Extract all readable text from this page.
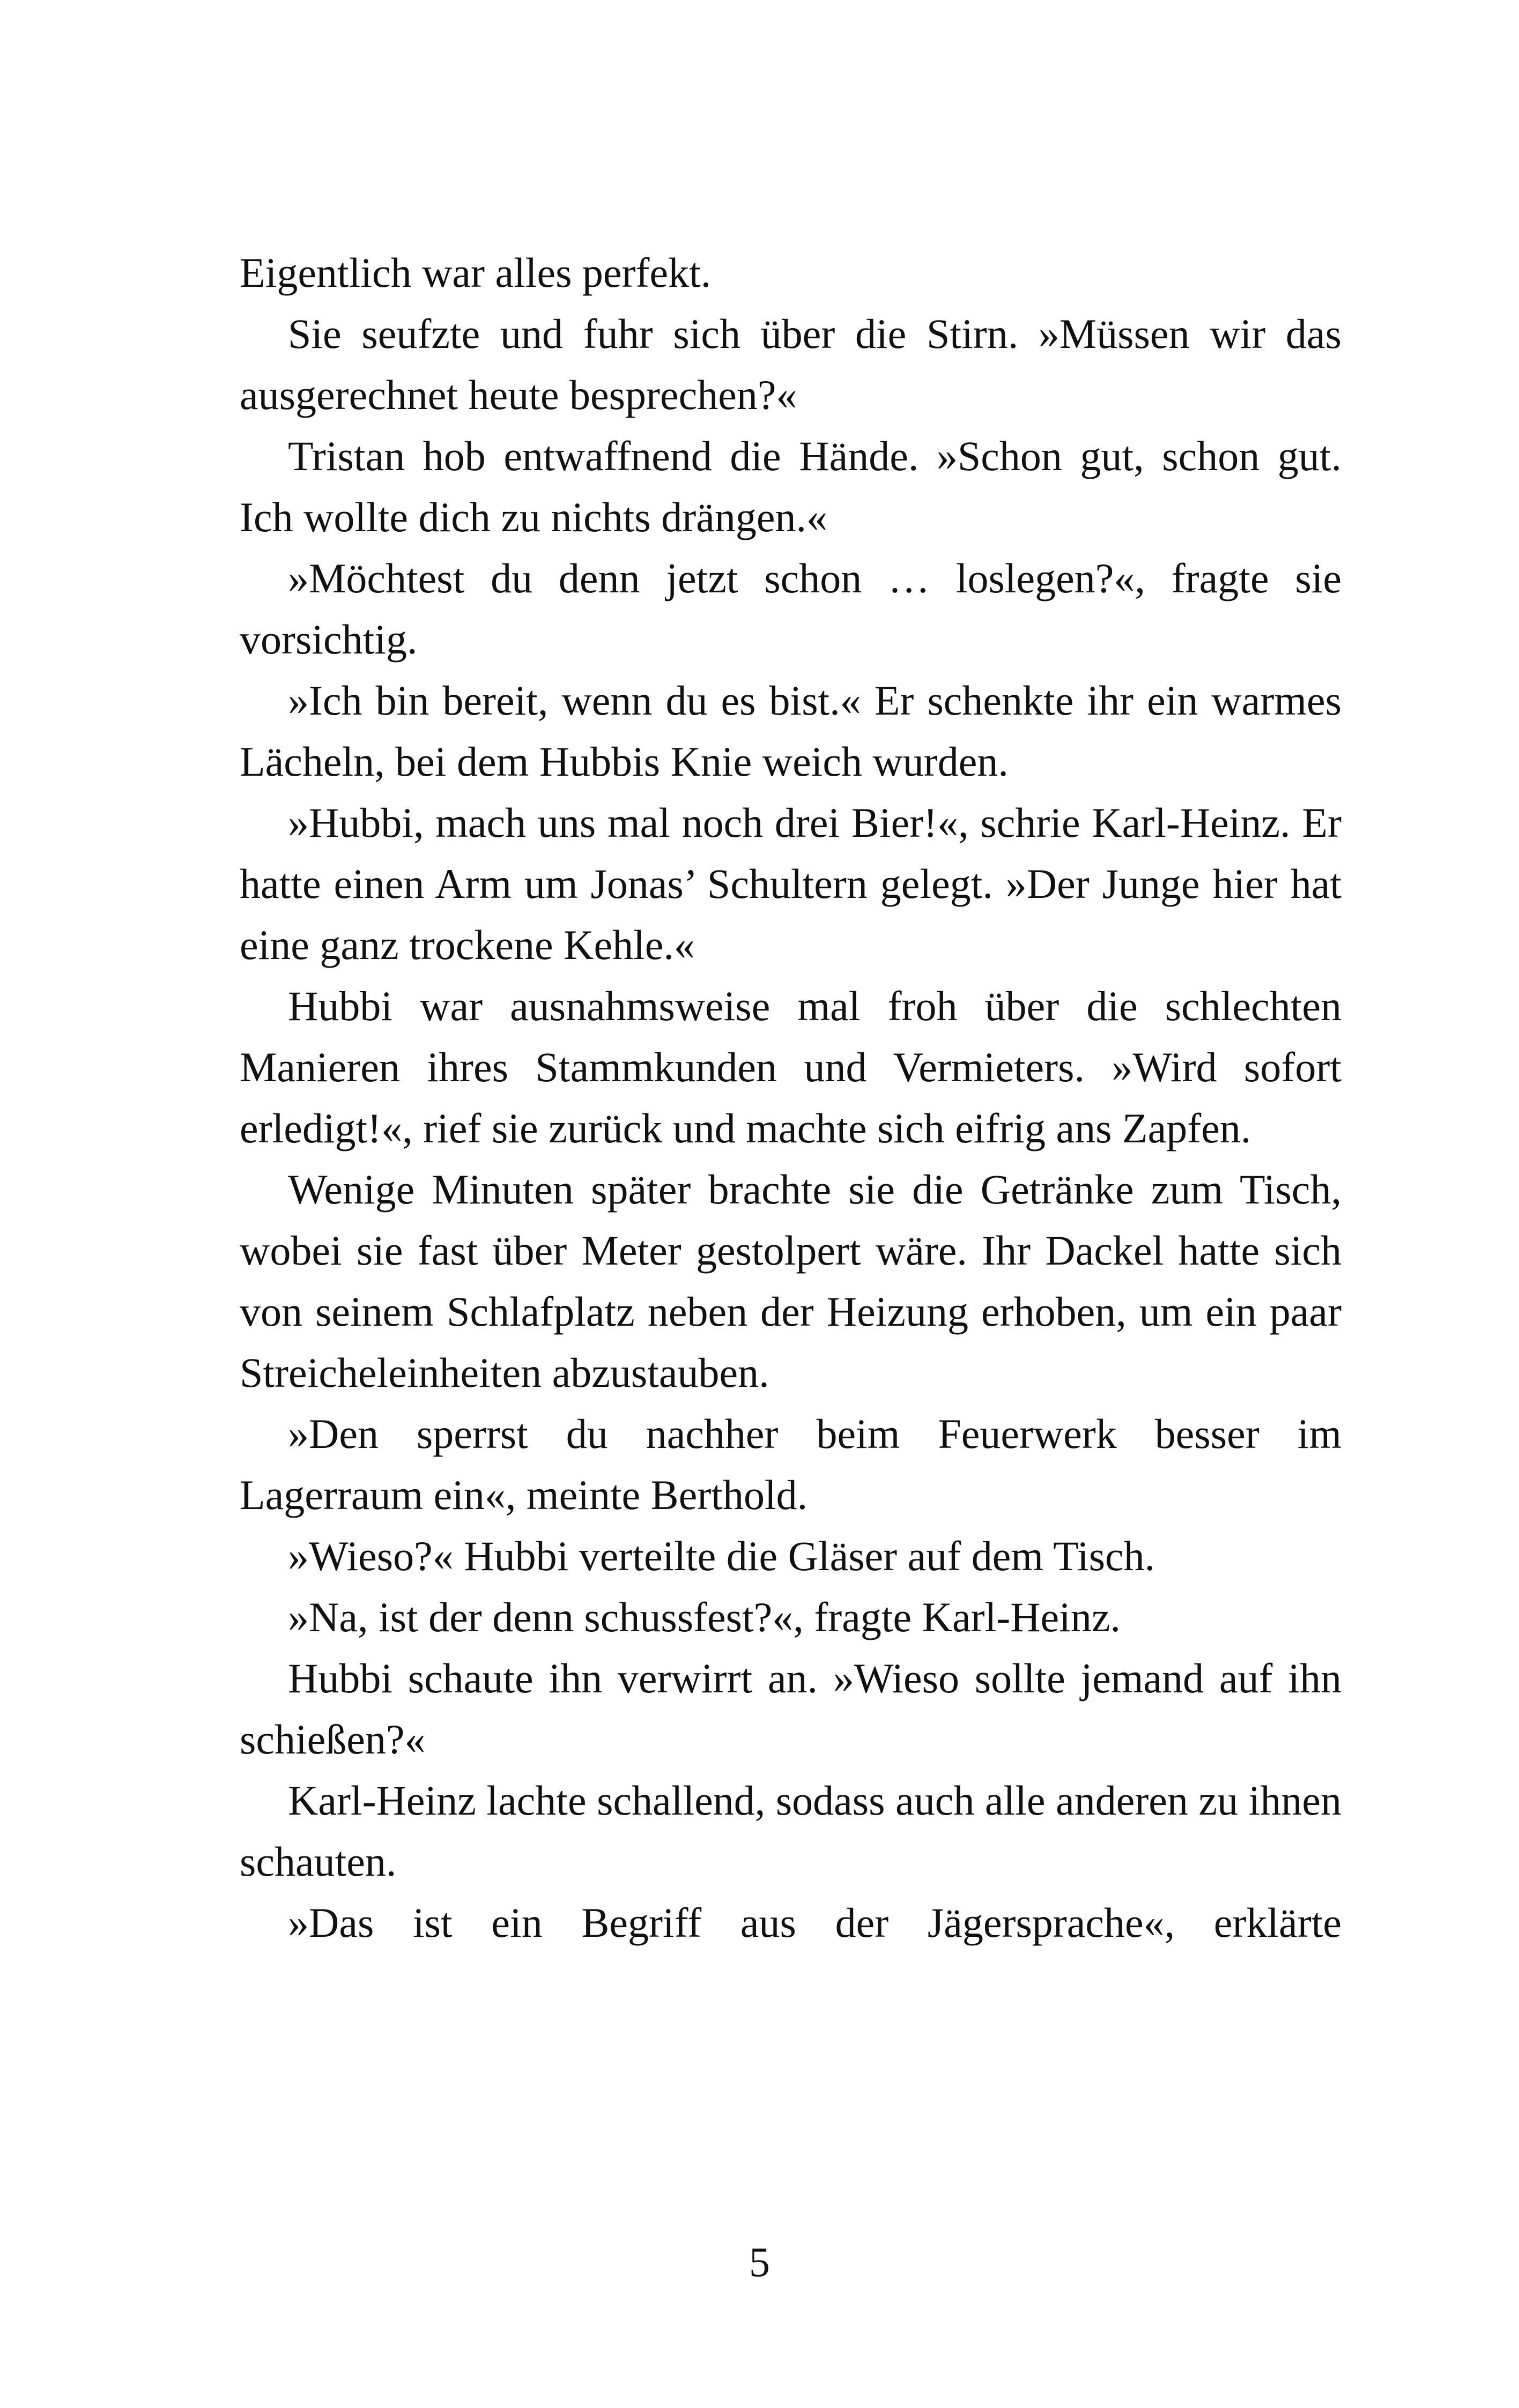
Eigentlich war alles perfekt.

Sie seufzte und fuhr sich über die Stirn. »Müssen wir das ausgerechnet heute besprechen?«

Tristan hob entwaffnend die Hände. »Schon gut, schon gut. Ich wollte dich zu nichts drängen.«

»Möchtest du denn jetzt schon … loslegen?«, fragte sie vorsichtig.

»Ich bin bereit, wenn du es bist.« Er schenkte ihr ein warmes Lächeln, bei dem Hubbis Knie weich wurden.

»Hubbi, mach uns mal noch drei Bier!«, schrie Karl-Heinz. Er hatte einen Arm um Jonas’ Schultern gelegt. »Der Junge hier hat eine ganz trockene Kehle.«

Hubbi war ausnahmsweise mal froh über die schlechten Manieren ihres Stammkunden und Vermieters. »Wird sofort erledigt!«, rief sie zurück und machte sich eifrig ans Zapfen.

Wenige Minuten später brachte sie die Getränke zum Tisch, wobei sie fast über Meter gestolpert wäre. Ihr Dackel hatte sich von seinem Schlafplatz neben der Heizung erhoben, um ein paar Streicheleinheiten abzustauben.

»Den sperrst du nachher beim Feuerwerk besser im Lagerraum ein«, meinte Berthold.

»Wieso?« Hubbi verteilte die Gläser auf dem Tisch.

»Na, ist der denn schussfest?«, fragte Karl-Heinz.

Hubbi schaute ihn verwirrt an. »Wieso sollte jemand auf ihn schießen?«

Karl-Heinz lachte schallend, sodass auch alle anderen zu ihnen schauten.

»Das ist ein Begriff aus der Jägersprache«, erklärte

5
